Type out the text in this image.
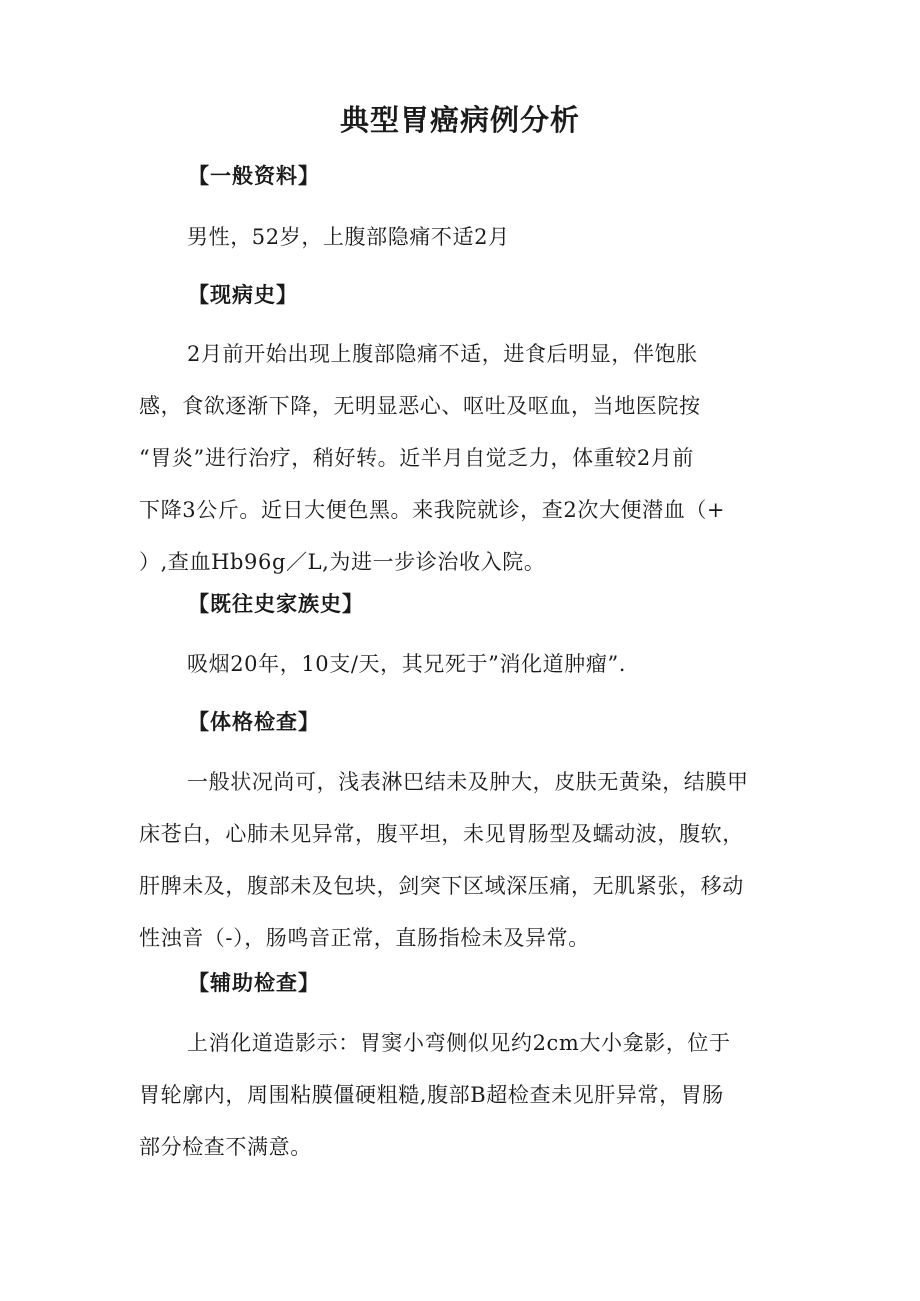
典型胃癌病例分析
【一般资料】

男性，52岁，上腹部隐痛不适2月

【现病史】

2月前开始出现上腹部隐痛不适，进食后明显，伴饱胀
感，食欲逐渐下降，无明显恶心、呕吐及呕血，当地医院按
“胃炎”进行治疗，稍好转。近半月自觉乏力，体重较2月前
下降3公斤。近日大便色黑。来我院就诊，查2次大便潜血（+
）,查血Hb96g／L,为进一步诊治收入院。

【既往史家族史】

吸烟20年，10支/天，其兄死于”消化道肿瘤”.

【体格检查】

一般状况尚可，浅表淋巴结未及肿大，皮肤无黄染，结膜甲
床苍白，心肺未见异常，腹平坦，未见胃肠型及蠕动波，腹软，
肝脾未及，腹部未及包块，剑突下区域深压痛，无肌紧张，移动
性浊音（-），肠鸣音正常，直肠指检未及异常。

【辅助检查】

上消化道造影示：胃窦小弯侧似见约2cm大小龛影，位于
胃轮廓内，周围粘膜僵硬粗糙,腹部B超检查未见肝异常，胃肠
部分检查不满意。
